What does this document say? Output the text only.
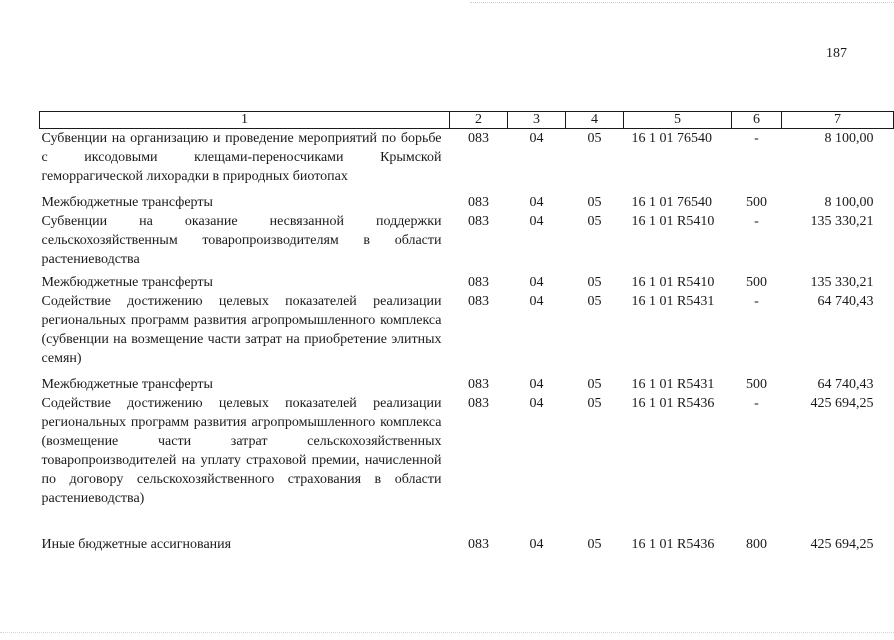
187
1	2	3	4	5	6	7

Субвенции на организацию и проведение мероприятий по борьбе с иксодовыми клещами-переносчиками Крымской геморрагической лихорадки в природных биотопах	083	04	05	16 1 01 76540	-	8 100,00

Межбюджетные трансферты	083	04	05	16 1 01 76540	500	8 100,00

Субвенции на оказание несвязанной поддержки сельскохозяйственным товаропроизводителям в области растениеводства	083	04	05	16 1 01 R5410	-	135 330,21

Межбюджетные трансферты	083	04	05	16 1 01 R5410	500	135 330,21

Содействие достижению целевых показателей реализации региональных программ развития агропромышленного комплекса (субвенции на возмещение части затрат на приобретение элитных семян)	083	04	05	16 1 01 R5431	-	64 740,43

Межбюджетные трансферты	083	04	05	16 1 01 R5431	500	64 740,43

Содействие достижению целевых показателей реализации региональных программ развития агропромышленного комплекса (возмещение части затрат сельскохозяйственных товаропроизводителей на уплату страховой премии, начисленной по договору сельскохозяйственного страхования в области растениеводства)	083	04	05	16 1 01 R5436	-	425 694,25

Иные бюджетные ассигнования	083	04	05	16 1 01 R5436	800	425 694,25
